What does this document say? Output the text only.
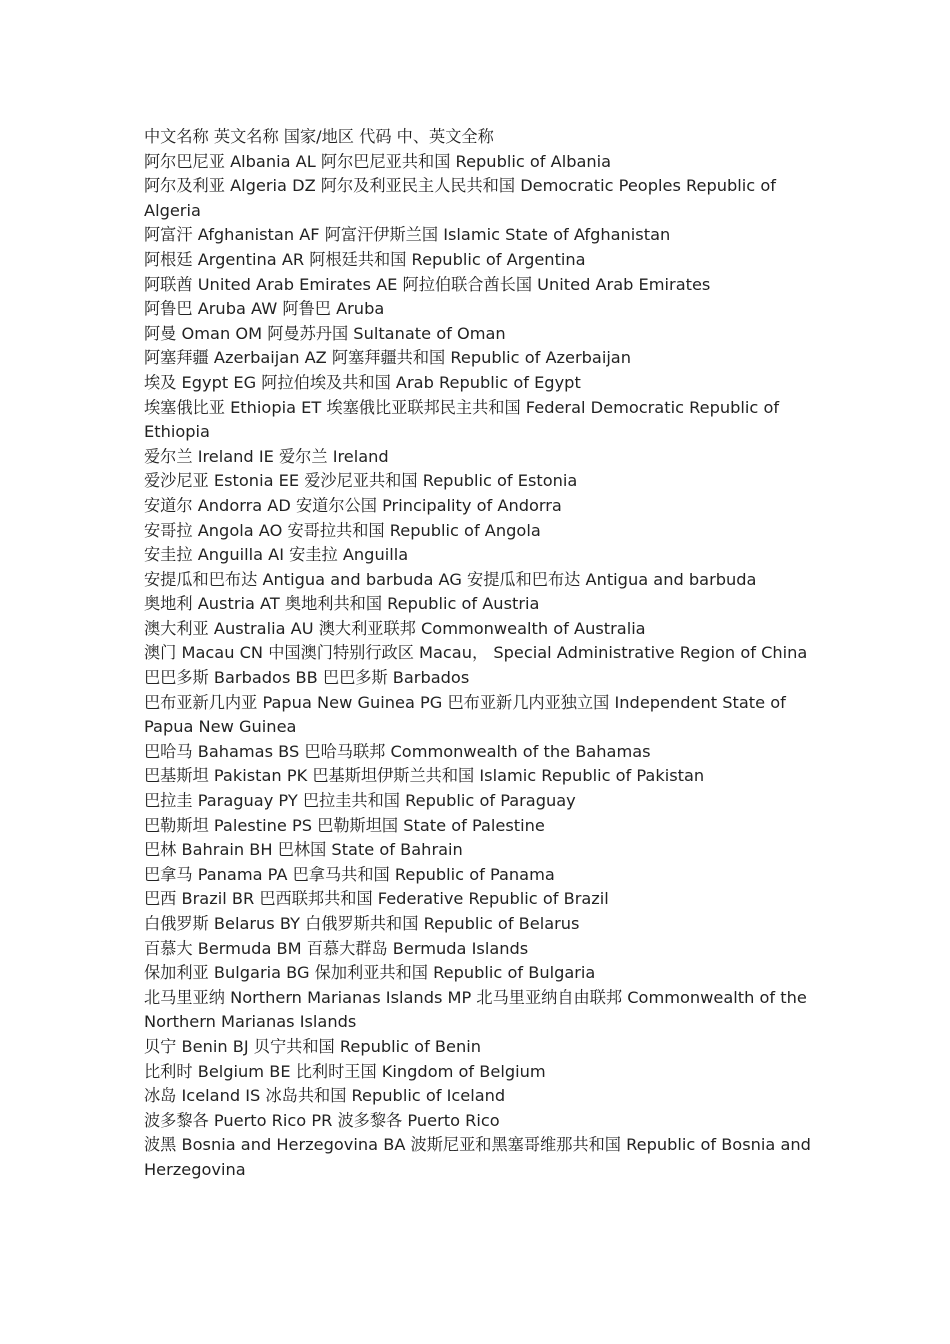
中文名称 英文名称 国家/地区 代码 中、英文全称

阿尔巴尼亚 Albania AL 阿尔巴尼亚共和国 Republic of Albania

阿尔及利亚 Algeria DZ 阿尔及利亚民主人民共和国 Democratic Peoples Republic of Algeria

阿富汗 Afghanistan AF 阿富汗伊斯兰国 Islamic State of Afghanistan

阿根廷 Argentina AR 阿根廷共和国 Republic of Argentina

阿联酋 United Arab Emirates AE 阿拉伯联合酋长国 United Arab Emirates

阿鲁巴 Aruba AW 阿鲁巴 Aruba

阿曼 Oman OM 阿曼苏丹国 Sultanate of Oman

阿塞拜疆 Azerbaijan AZ 阿塞拜疆共和国 Republic of Azerbaijan

埃及 Egypt EG 阿拉伯埃及共和国 Arab Republic of Egypt

埃塞俄比亚 Ethiopia ET 埃塞俄比亚联邦民主共和国 Federal Democratic Republic of Ethiopia

爱尔兰 Ireland IE 爱尔兰 Ireland

爱沙尼亚 Estonia EE 爱沙尼亚共和国 Republic of Estonia

安道尔 Andorra AD 安道尔公国 Principality of Andorra

安哥拉 Angola AO 安哥拉共和国 Republic of Angola

安圭拉 Anguilla AI 安圭拉 Anguilla

安提瓜和巴布达 Antigua and barbuda AG 安提瓜和巴布达 Antigua and barbuda

奥地利 Austria AT 奥地利共和国 Republic of Austria

澳大利亚 Australia AU 澳大利亚联邦 Commonwealth of Australia

澳门 Macau CN 中国澳门特别行政区 Macau， Special Administrative Region of China

巴巴多斯 Barbados BB 巴巴多斯 Barbados

巴布亚新几内亚 Papua New Guinea PG 巴布亚新几内亚独立国 Independent State of Papua New Guinea

巴哈马 Bahamas BS 巴哈马联邦 Commonwealth of the Bahamas

巴基斯坦 Pakistan PK 巴基斯坦伊斯兰共和国 Islamic Republic of Pakistan

巴拉圭 Paraguay PY 巴拉圭共和国 Republic of Paraguay

巴勒斯坦 Palestine PS 巴勒斯坦国 State of Palestine

巴林 Bahrain BH 巴林国 State of Bahrain

巴拿马 Panama PA 巴拿马共和国 Republic of Panama

巴西 Brazil BR 巴西联邦共和国 Federative Republic of Brazil

白俄罗斯 Belarus BY 白俄罗斯共和国 Republic of Belarus

百慕大 Bermuda BM 百慕大群岛 Bermuda Islands

保加利亚 Bulgaria BG 保加利亚共和国 Republic of Bulgaria

北马里亚纳 Northern Marianas Islands MP 北马里亚纳自由联邦 Commonwealth of the Northern Marianas Islands

贝宁 Benin BJ 贝宁共和国 Republic of Benin

比利时 Belgium BE 比利时王国 Kingdom of Belgium

冰岛 Iceland IS 冰岛共和国 Republic of Iceland

波多黎各 Puerto Rico PR 波多黎各 Puerto Rico

波黑 Bosnia and Herzegovina BA 波斯尼亚和黑塞哥维那共和国 Republic of Bosnia and Herzegovina
